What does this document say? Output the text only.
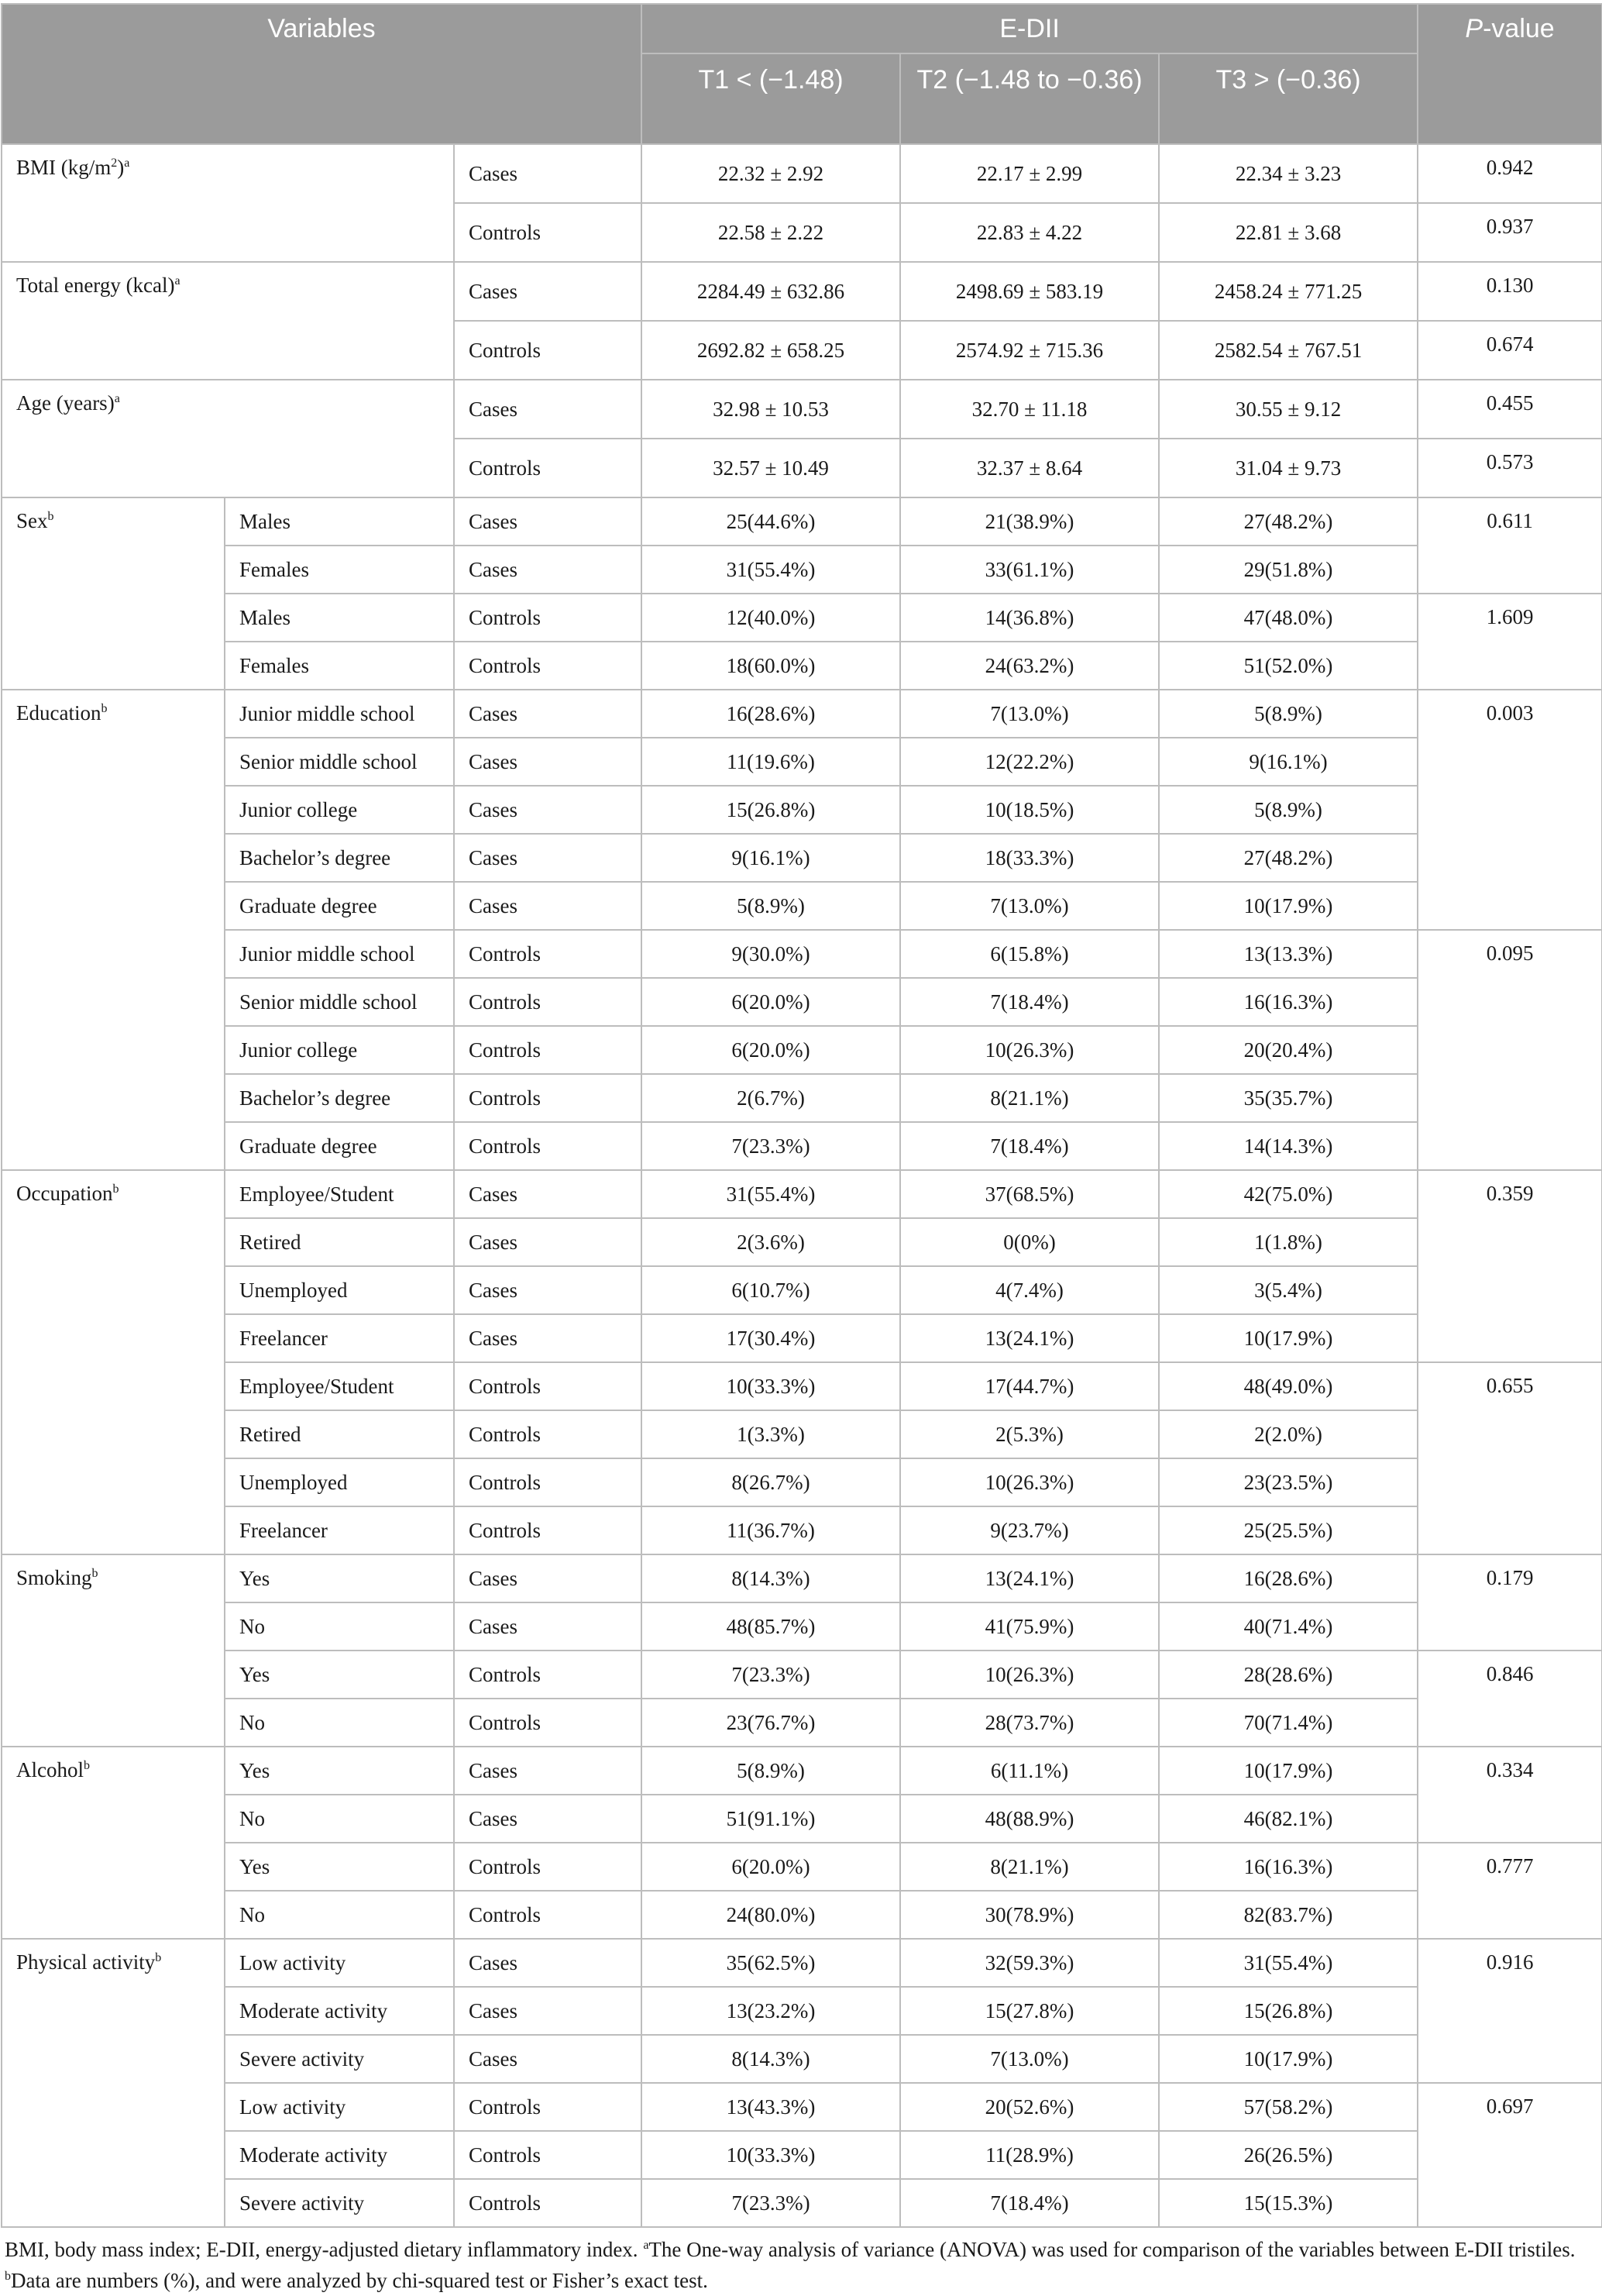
Variables			E-DII			P-value
			T1 < (−1.48)	T2 (−1.48 to −0.36)	T3 > (−0.36)	
BMI $(kg/m^2)^a$		Cases	22.32 ± 2.92	22.17 ± 2.99	22.34 ± 3.23	0.942
		Controls	22.58 ± 2.22	22.83 ± 4.22	22.81 ± 3.68	0.937
Total energy (kcal)$^a$		Cases	2284.49 ± 632.86	2498.69 ± 583.19	2458.24 ± 771.25	0.130
		Controls	2692.82 ± 658.25	2574.92 ± 715.36	2582.54 ± 767.51	0.674
Age (years)$^a$		Cases	32.98 ± 10.53	32.70 ± 11.18	30.55 ± 9.12	0.455
		Controls	32.57 ± 10.49	32.37 ± 8.64	31.04 ± 9.73	0.573
Sex$^b$	Males	Cases	25(44.6%)	21(38.9%)	27(48.2%)	0.611
	Females	Cases	31(55.4%)	33(61.1%)	29(51.8%)	
	Males	Controls	12(40.0%)	14(36.8%)	47(48.0%)	1.609
	Females	Controls	18(60.0%)	24(63.2%)	51(52.0%)	
Education$^b$	Junior middle school	Cases	16(28.6%)	7(13.0%)	5(8.9%)	0.003
	Senior middle school	Cases	11(19.6%)	12(22.2%)	9(16.1%)	
	Junior college	Cases	15(26.8%)	10(18.5%)	5(8.9%)	
	Bachelor’s degree	Cases	9(16.1%)	18(33.3%)	27(48.2%)	
	Graduate degree	Cases	5(8.9%)	7(13.0%)	10(17.9%)	
	Junior middle school	Controls	9(30.0%)	6(15.8%)	13(13.3%)	0.095
	Senior middle school	Controls	6(20.0%)	7(18.4%)	16(16.3%)	
	Junior college	Controls	6(20.0%)	10(26.3%)	20(20.4%)	
	Bachelor’s degree	Controls	2(6.7%)	8(21.1%)	35(35.7%)	
	Graduate degree	Controls	7(23.3%)	7(18.4%)	14(14.3%)	
Occupation$^b$	Employee/Student	Cases	31(55.4%)	37(68.5%)	42(75.0%)	0.359
	Retired	Cases	2(3.6%)	0(0%)	1(1.8%)	
	Unemployed	Cases	6(10.7%)	4(7.4%)	3(5.4%)	
	Freelancer	Cases	17(30.4%)	13(24.1%)	10(17.9%)	
	Employee/Student	Controls	10(33.3%)	17(44.7%)	48(49.0%)	0.655
	Retired	Controls	1(3.3%)	2(5.3%)	2(2.0%)	
	Unemployed	Controls	8(26.7%)	10(26.3%)	23(23.5%)	
	Freelancer	Controls	11(36.7%)	9(23.7%)	25(25.5%)	
Smoking$^b$	Yes	Cases	8(14.3%)	13(24.1%)	16(28.6%)	0.179
	No	Cases	48(85.7%)	41(75.9%)	40(71.4%)	
	Yes	Controls	7(23.3%)	10(26.3%)	28(28.6%)	0.846
	No	Controls	23(76.7%)	28(73.7%)	70(71.4%)	
Alcohol$^b$	Yes	Cases	5(8.9%)	6(11.1%)	10(17.9%)	0.334
	No	Cases	51(91.1%)	48(88.9%)	46(82.1%)	
	Yes	Controls	6(20.0%)	8(21.1%)	16(16.3%)	0.777
	No	Controls	24(80.0%)	30(78.9%)	82(83.7%)	
Physical activity$^b$	Low activity	Cases	35(62.5%)	32(59.3%)	31(55.4%)	0.916
	Moderate activity	Cases	13(23.2%)	15(27.8%)	15(26.8%)	
	Severe activity	Cases	8(14.3%)	7(13.0%)	10(17.9%)	
	Low activity	Controls	13(43.3%)	20(52.6%)	57(58.2%)	0.697
	Moderate activity	Controls	10(33.3%)	11(28.9%)	26(26.5%)	
	Severe activity	Controls	7(23.3%)	7(18.4%)	15(15.3%)	
BMI, body mass index; E-DII, energy-adjusted dietary inflammatory index. $^a$The One-way analysis of variance (ANOVA) was used for comparison of the variables between E-DII tristiles.
$^b$Data are numbers (%), and were analyzed by chi-squared test or Fisher’s exact test.
